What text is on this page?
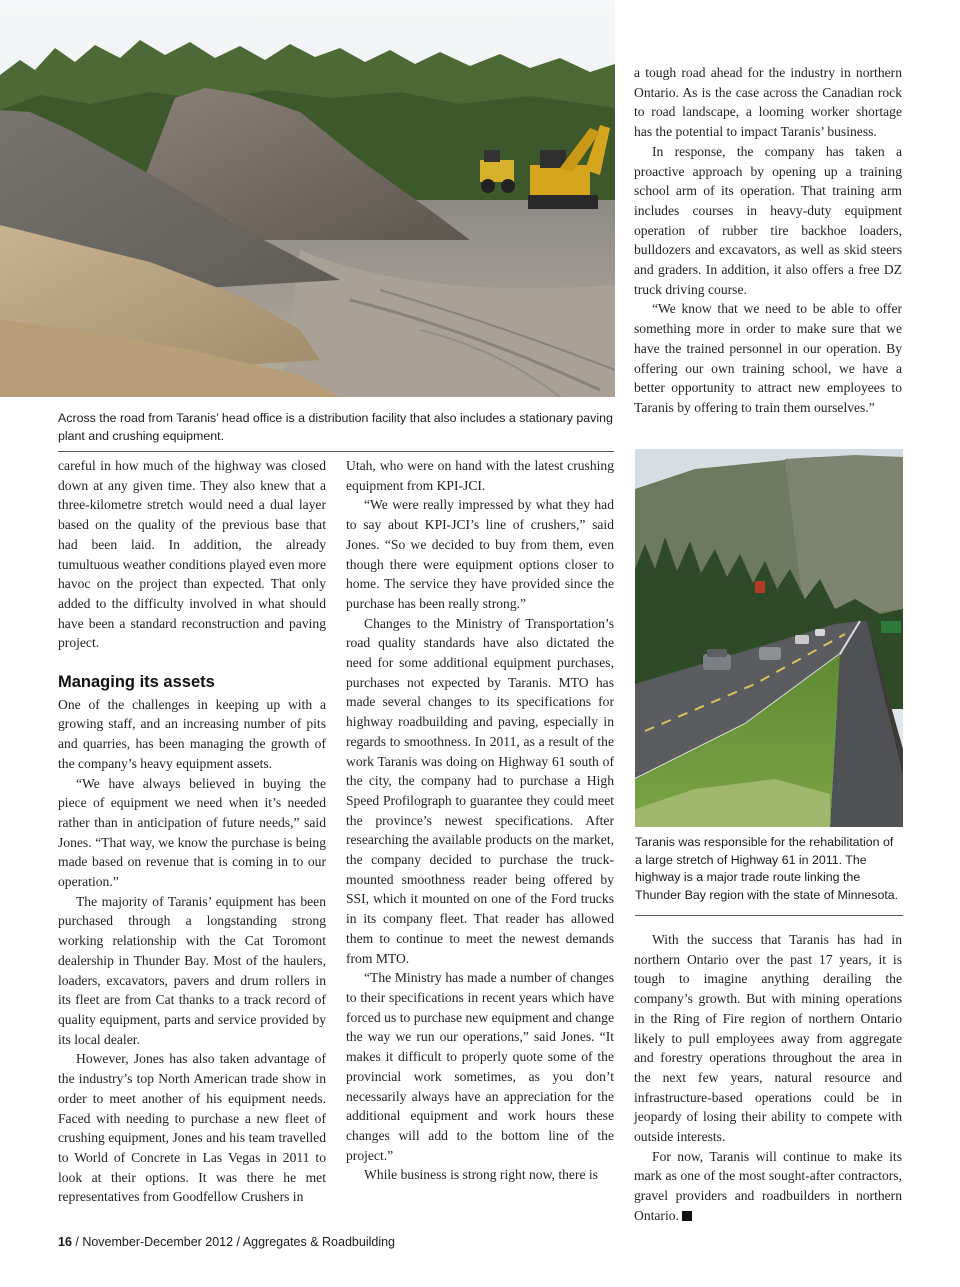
Across the road from Taranis’ head office is a distribution facility that also includes a stationary paving plant and crushing equipment.

careful in how much of the highway was closed down at any given time. They also knew that a three-kilometre stretch would need a dual layer based on the quality of the previous base that had been laid. In addition, the already tumultuous weather conditions played even more havoc on the project than expected. That only added to the difficulty involved in what should have been a standard reconstruction and paving project.

Managing its assets

One of the challenges in keeping up with a growing staff, and an increasing number of pits and quarries, has been managing the growth of the company’s heavy equipment assets.

“We have always believed in buying the piece of equipment we need when it’s needed rather than in anticipation of future needs,” said Jones. “That way, we know the purchase is being made based on revenue that is coming in to our operation.”

The majority of Taranis’ equipment has been purchased through a longstanding strong working relationship with the Cat Toromont dealership in Thunder Bay. Most of the haulers, loaders, excavators, pavers and drum rollers in its fleet are from Cat thanks to a track record of quality equipment, parts and service provided by its local dealer.

However, Jones has also taken advantage of the industry’s top North American trade show in order to meet another of his equipment needs. Faced with needing to purchase a new fleet of crushing equipment, Jones and his team travelled to World of Concrete in Las Vegas in 2011 to look at their options. It was there he met representatives from Goodfellow Crushers in

Utah, who were on hand with the latest crushing equipment from KPI-JCI.

“We were really impressed by what they had to say about KPI-JCI’s line of crushers,” said Jones. “So we decided to buy from them, even though there were equipment options closer to home. The service they have provided since the purchase has been really strong.”

Changes to the Ministry of Transportation’s road quality standards have also dictated the need for some additional equipment purchases, purchases not expected by Taranis. MTO has made several changes to its specifications for highway roadbuilding and paving, especially in regards to smoothness. In 2011, as a result of the work Taranis was doing on Highway 61 south of the city, the company had to purchase a High Speed Profilograph to guarantee they could meet the province’s newest specifications. After researching the available products on the market, the company decided to purchase the truck-mounted smoothness reader being offered by SSI, which it mounted on one of the Ford trucks in its company fleet. That reader has allowed them to continue to meet the newest demands from MTO.

“The Ministry has made a number of changes to their specifications in recent years which have forced us to purchase new equipment and change the way we run our operations,” said Jones. “It makes it difficult to properly quote some of the provincial work sometimes, as you don’t necessarily always have an appreciation for the additional equipment and work hours these changes will add to the bottom line of the project.”

While business is strong right now, there is

a tough road ahead for the industry in northern Ontario. As is the case across the Canadian rock to road landscape, a looming worker shortage has the potential to impact Taranis’ business.

In response, the company has taken a proactive approach by opening up a training school arm of its operation. That training arm includes courses in heavy-duty equipment operation of rubber tire backhoe loaders, bulldozers and excavators, as well as skid steers and graders. In addition, it also offers a free DZ truck driving course.

“We know that we need to be able to offer something more in order to make sure that we have the trained personnel in our operation. By offering our own training school, we have a better opportunity to attract new employees to Taranis by offering to train them ourselves.”

Taranis was responsible for the rehabilitation of a large stretch of Highway 61 in 2011. The highway is a major trade route linking the Thunder Bay region with the state of Minnesota.

With the success that Taranis has had in northern Ontario over the past 17 years, it is tough to imagine anything derailing the company’s growth. But with mining operations in the Ring of Fire region of northern Ontario likely to pull employees away from aggregate and forestry operations throughout the area in the next few years, natural resource and infrastructure-based operations could be in jeopardy of losing their ability to compete with outside interests.

For now, Taranis will continue to make its mark as one of the most sought-after contractors, gravel providers and roadbuilders in northern Ontario.

16 / November-December 2012 / Aggregates & Roadbuilding
